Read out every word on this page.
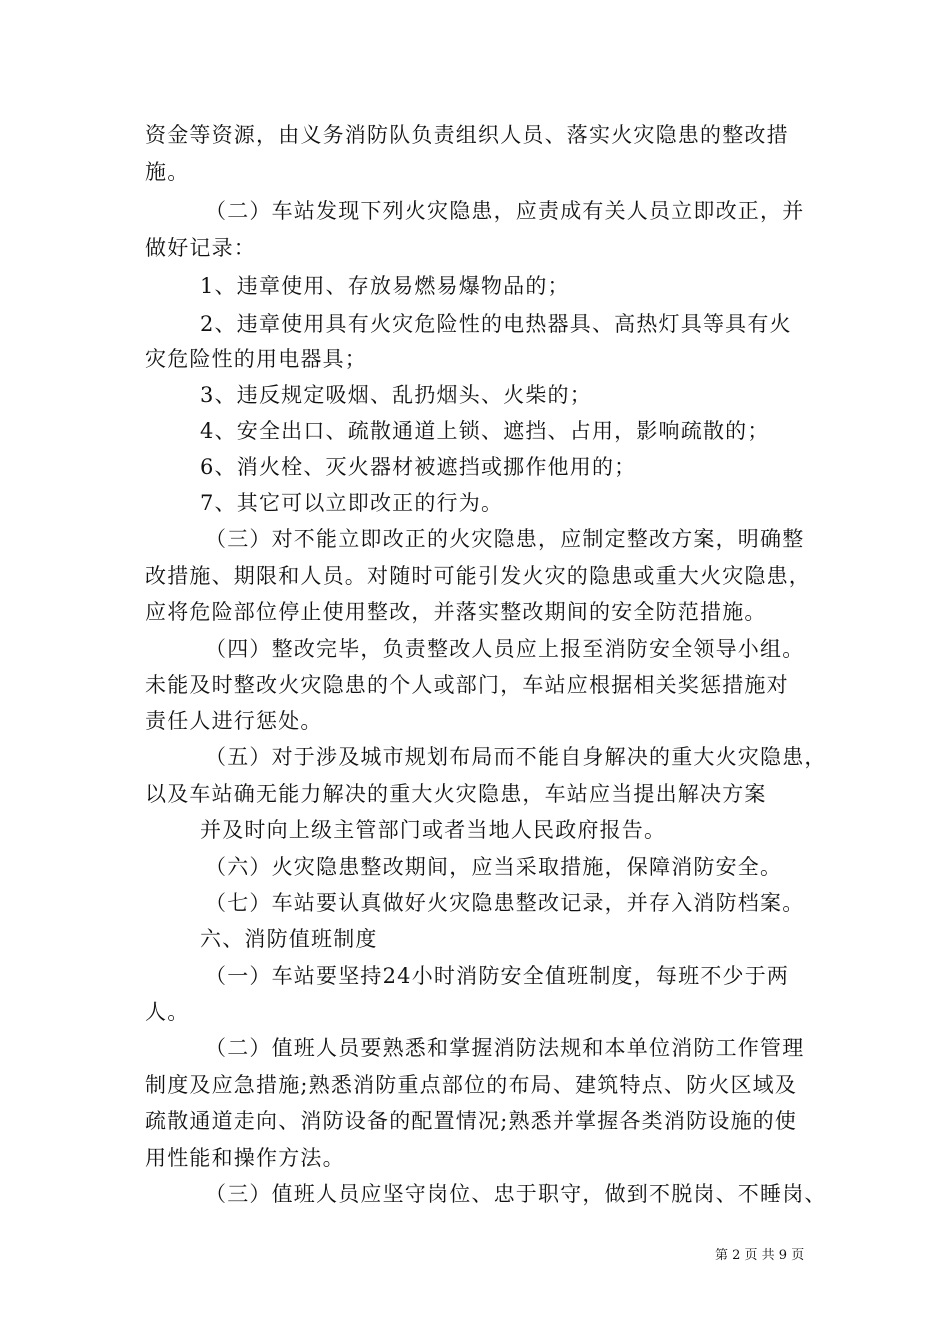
资金等资源，由义务消防队负责组织人员、落实火灾隐患的整改措
施。
（二）车站发现下列火灾隐患，应责成有关人员立即改正，并
做好记录：
1、违章使用、存放易燃易爆物品的；
2、违章使用具有火灾危险性的电热器具、高热灯具等具有火
灾危险性的用电器具；
3、违反规定吸烟、乱扔烟头、火柴的；
4、安全出口、疏散通道上锁、遮挡、占用，影响疏散的；
6、消火栓、灭火器材被遮挡或挪作他用的；
7、其它可以立即改正的行为。
（三）对不能立即改正的火灾隐患，应制定整改方案，明确整
改措施、期限和人员。对随时可能引发火灾的隐患或重大火灾隐患，
应将危险部位停止使用整改，并落实整改期间的安全防范措施。
（四）整改完毕，负责整改人员应上报至消防安全领导小组。
未能及时整改火灾隐患的个人或部门，车站应根据相关奖惩措施对
责任人进行惩处。
（五）对于涉及城市规划布局而不能自身解决的重大火灾隐患，
以及车站确无能力解决的重大火灾隐患，车站应当提出解决方案
并及时向上级主管部门或者当地人民政府报告。
（六）火灾隐患整改期间，应当采取措施，保障消防安全。
（七）车站要认真做好火灾隐患整改记录，并存入消防档案。
六、消防值班制度
（一）车站要坚持24小时消防安全值班制度，每班不少于两
人。
（二）值班人员要熟悉和掌握消防法规和本单位消防工作管理
制度及应急措施;熟悉消防重点部位的布局、建筑特点、防火区域及
疏散通道走向、消防设备的配置情况;熟悉并掌握各类消防设施的使
用性能和操作方法。
（三）值班人员应坚守岗位、忠于职守，做到不脱岗、不睡岗、
第 2 页 共 9 页
